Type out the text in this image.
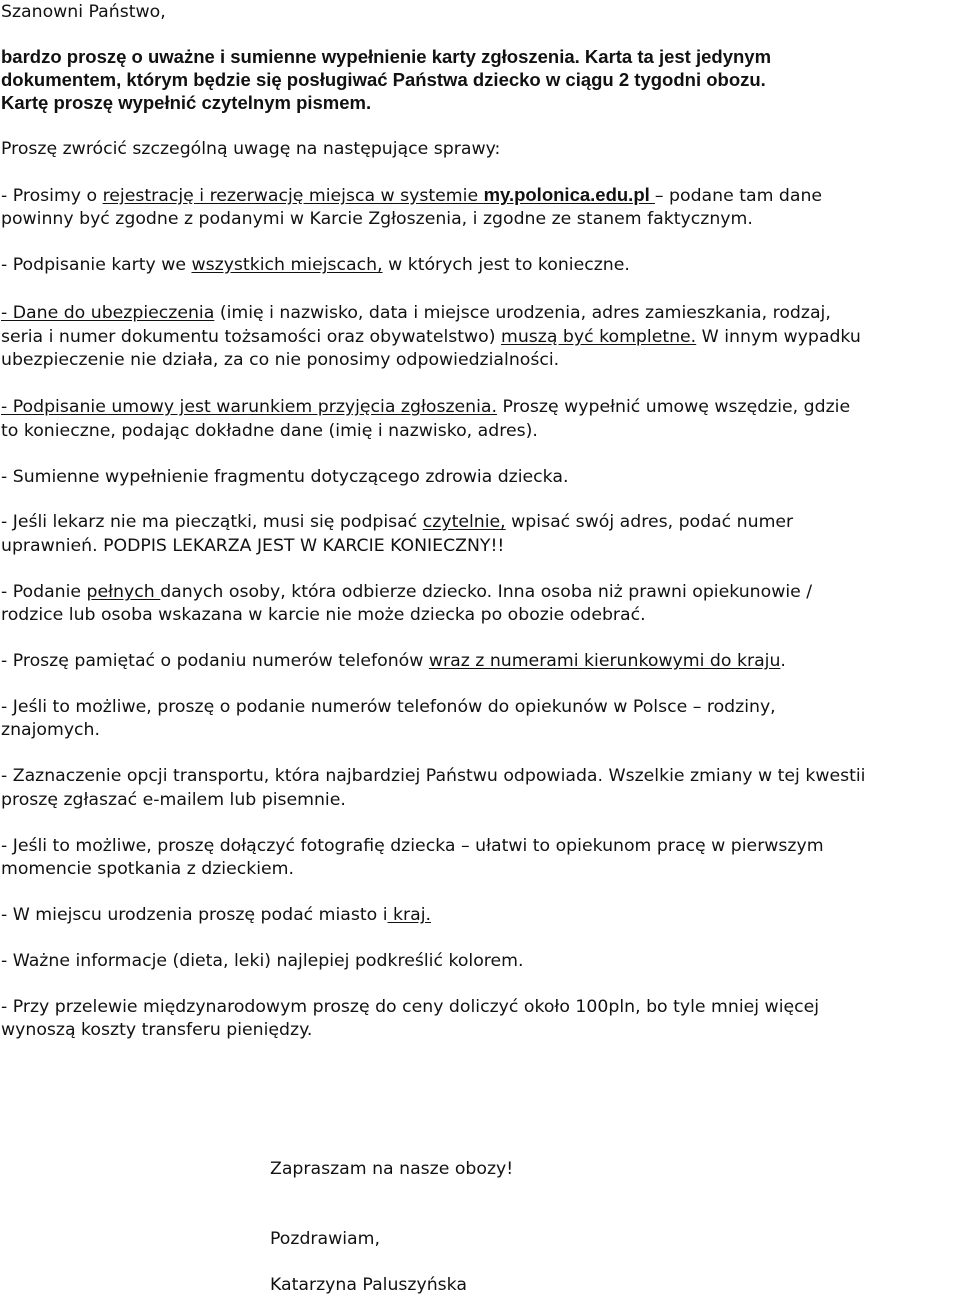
Szanowni Państwo,

bardzo proszę o uważne i sumienne wypełnienie karty zgłoszenia. Karta ta jest jedynym

dokumentem, którym będzie się posługiwać Państwa dziecko w ciągu 2 tygodni obozu.

Kartę proszę wypełnić czytelnym pismem.

Proszę zwrócić szczególną uwagę na następujące sprawy:

- Prosimy o rejestrację i rezerwację miejsca w systemie my.polonica.edu.pl – podane tam dane

powinny być zgodne z podanymi w Karcie Zgłoszenia, i zgodne ze stanem faktycznym.

- Podpisanie karty we wszystkich miejscach, w których jest to konieczne.

- Dane do ubezpieczenia (imię i nazwisko, data i miejsce urodzenia, adres zamieszkania, rodzaj,

seria i numer dokumentu tożsamości oraz obywatelstwo) muszą być kompletne. W innym wypadku

ubezpieczenie nie działa, za co nie ponosimy odpowiedzialności.

- Podpisanie umowy jest warunkiem przyjęcia zgłoszenia. Proszę wypełnić umowę wszędzie, gdzie

to konieczne, podając dokładne dane (imię i nazwisko, adres).

- Sumienne wypełnienie fragmentu dotyczącego zdrowia dziecka.

- Jeśli lekarz nie ma pieczątki, musi się podpisać czytelnie, wpisać swój adres, podać numer

uprawnień. PODPIS LEKARZA JEST W KARCIE KONIECZNY!!

- Podanie pełnych danych osoby, która odbierze dziecko. Inna osoba niż prawni opiekunowie /

rodzice lub osoba wskazana w karcie nie może dziecka po obozie odebrać.

- Proszę pamiętać o podaniu numerów telefonów wraz z numerami kierunkowymi do kraju.

- Jeśli to możliwe, proszę o podanie numerów telefonów do opiekunów w Polsce – rodziny,

znajomych.

- Zaznaczenie opcji transportu, która najbardziej Państwu odpowiada. Wszelkie zmiany w tej kwestii

proszę zgłaszać e-mailem lub pisemnie.

- Jeśli to możliwe, proszę dołączyć fotografię dziecka – ułatwi to opiekunom pracę w pierwszym

momencie spotkania z dzieckiem.

- W miejscu urodzenia proszę podać miasto i kraj.

- Ważne informacje (dieta, leki) najlepiej podkreślić kolorem.

- Przy przelewie międzynarodowym proszę do ceny doliczyć około 100pln, bo tyle mniej więcej

wynoszą koszty transferu pieniędzy.

Zapraszam na nasze obozy!

Pozdrawiam,

Katarzyna Paluszyńska
